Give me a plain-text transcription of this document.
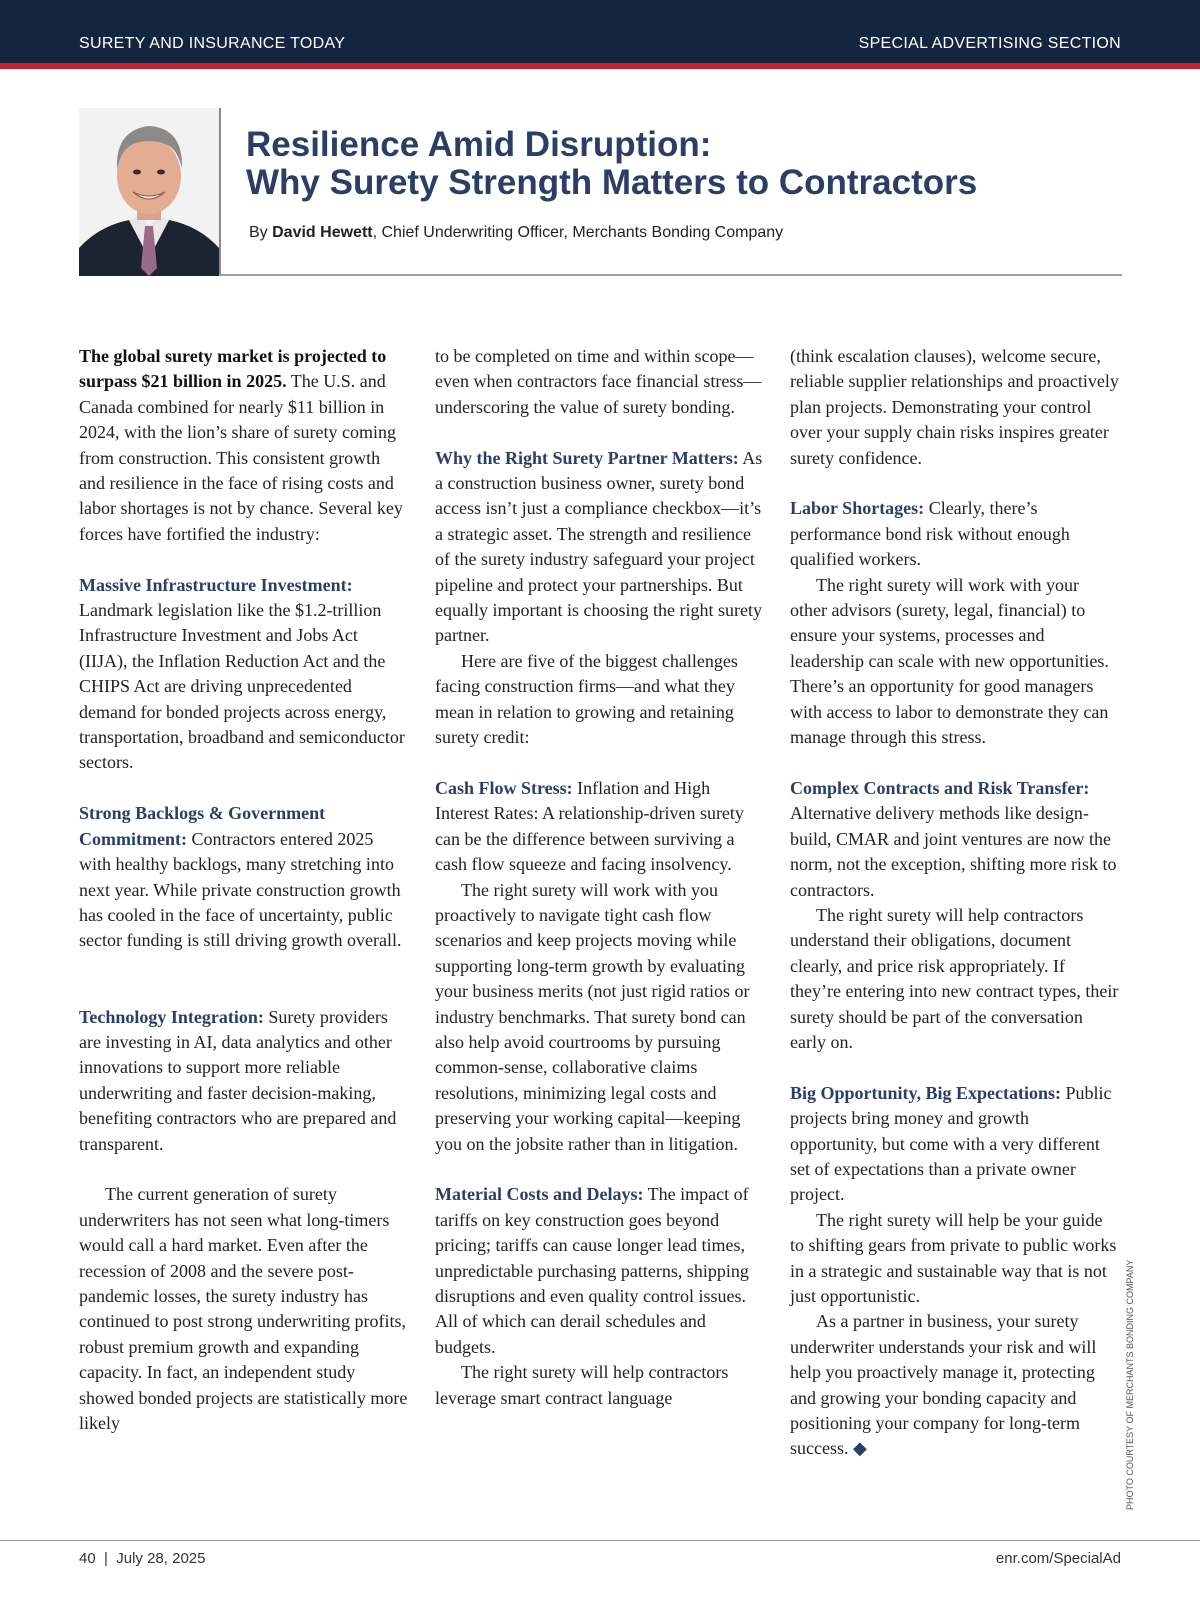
SURETY AND INSURANCE TODAY	SPECIAL ADVERTISING SECTION
Resilience Amid Disruption:
Why Surety Strength Matters to Contractors
By David Hewett, Chief Underwriting Officer, Merchants Bonding Company

The global surety market is projected to surpass $21 billion in 2025. The U.S. and Canada combined for nearly $11 billion in 2024, with the lion’s share of surety coming from construction. This consistent growth and resilience in the face of rising costs and labor shortages is not by chance. Several key forces have fortified the industry:

Massive Infrastructure Investment: Landmark legislation like the $1.2-trillion Infrastructure Investment and Jobs Act (IIJA), the Inflation Reduction Act and the CHIPS Act are driving unprecedented demand for bonded projects across energy, transportation, broadband and semiconductor sectors.

Strong Backlogs & Government Commitment: Contractors entered 2025 with healthy backlogs, many stretching into next year. While private construction growth has cooled in the face of uncertainty, public sector funding is still driving growth overall.

Technology Integration: Surety providers are investing in AI, data analytics and other innovations to support more reliable underwriting and faster decision-making, benefiting contractors who are prepared and transparent.

The current generation of surety underwriters has not seen what long-timers would call a hard market. Even after the recession of 2008 and the severe post-pandemic losses, the surety industry has continued to post strong underwriting profits, robust premium growth and expanding capacity. In fact, an independent study showed bonded projects are statistically more likely

to be completed on time and within scope—even when contractors face financial stress—underscoring the value of surety bonding.

Why the Right Surety Partner Matters: As a construction business owner, surety bond access isn’t just a compliance checkbox—it’s a strategic asset. The strength and resilience of the surety industry safeguard your project pipeline and protect your partnerships. But equally important is choosing the right surety partner.

Here are five of the biggest challenges facing construction firms—and what they mean in relation to growing and retaining surety credit:

Cash Flow Stress: Inflation and High Interest Rates: A relationship-driven surety can be the difference between surviving a cash flow squeeze and facing insolvency.

The right surety will work with you proactively to navigate tight cash flow scenarios and keep projects moving while supporting long-term growth by evaluating your business merits (not just rigid ratios or industry benchmarks. That surety bond can also help avoid courtrooms by pursuing common-sense, collaborative claims resolutions, minimizing legal costs and preserving your working capital—keeping you on the jobsite rather than in litigation.

Material Costs and Delays: The impact of tariffs on key construction goes beyond pricing; tariffs can cause longer lead times, unpredictable purchasing patterns, shipping disruptions and even quality control issues. All of which can derail schedules and budgets.

The right surety will help contractors leverage smart contract language

(think escalation clauses), welcome secure, reliable supplier relationships and proactively plan projects. Demonstrating your control over your supply chain risks inspires greater surety confidence.

Labor Shortages: Clearly, there’s performance bond risk without enough qualified workers.

The right surety will work with your other advisors (surety, legal, financial) to ensure your systems, processes and leadership can scale with new opportunities. There’s an opportunity for good managers with access to labor to demonstrate they can manage through this stress.

Complex Contracts and Risk Transfer: Alternative delivery methods like design-build, CMAR and joint ventures are now the norm, not the exception, shifting more risk to contractors.

The right surety will help contractors understand their obligations, document clearly, and price risk appropriately. If they’re entering into new contract types, their surety should be part of the conversation early on.

Big Opportunity, Big Expectations: Public projects bring money and growth opportunity, but come with a very different set of expectations than a private owner project.

The right surety will help be your guide to shifting gears from private to public works in a strategic and sustainable way that is not just opportunistic.

As a partner in business, your surety underwriter understands your risk and will help you proactively manage it, protecting and growing your bonding capacity and positioning your company for long-term success. ◆	PHOTO COURTESY OF MERCHANTS BONDING COMPANY
40  |  July 28, 2025	enr.com/SpecialAd
